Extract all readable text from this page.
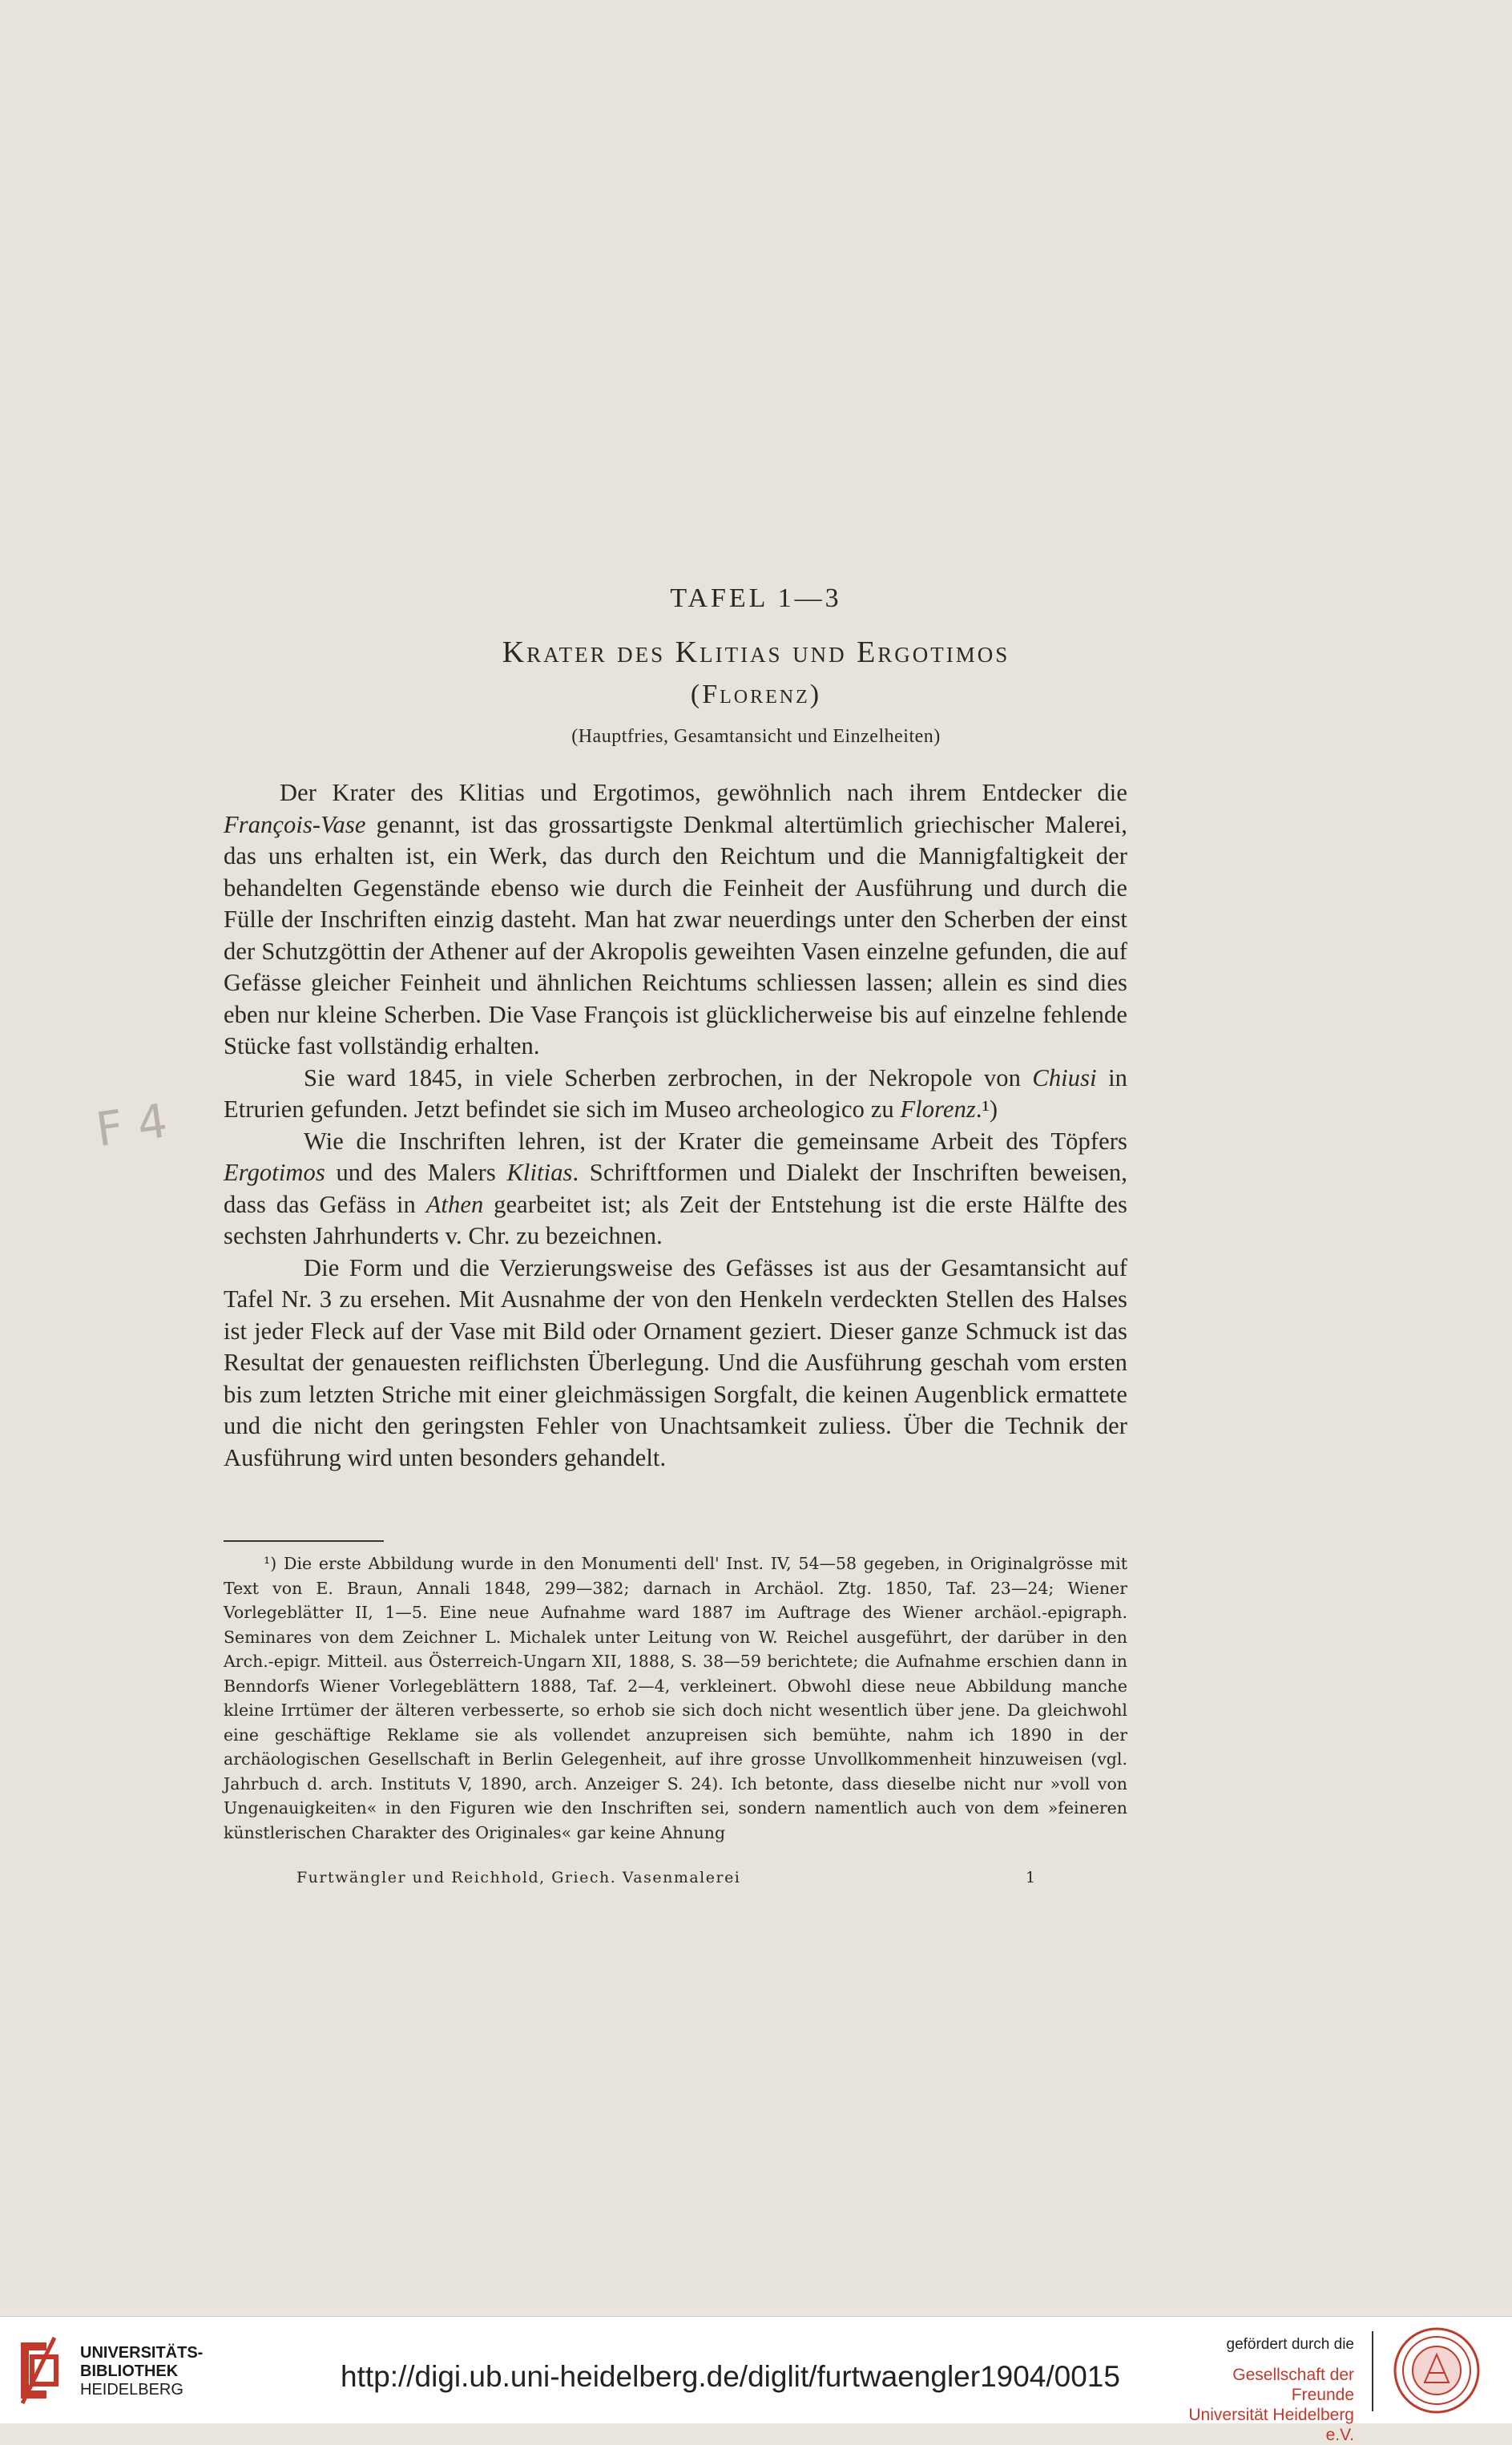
TAFEL 1—3
Krater des Klitias und Ergotimos
(Florenz)
(Hauptfries, Gesamtansicht und Einzelheiten)

Der Krater des Klitias und Ergotimos, gewöhnlich nach ihrem Entdecker die François-Vase genannt, ist das grossartigste Denkmal altertümlich griechischer Malerei, das uns erhalten ist, ein Werk, das durch den Reichtum und die Mannigfaltigkeit der behandelten Gegenstände ebenso wie durch die Feinheit der Ausführung und durch die Fülle der Inschriften einzig dasteht. Man hat zwar neuerdings unter den Scherben der einst der Schutzgöttin der Athener auf der Akropolis geweihten Vasen einzelne gefunden, die auf Gefässe gleicher Feinheit und ähnlichen Reichtums schliessen lassen; allein es sind dies eben nur kleine Scherben. Die Vase François ist glücklicherweise bis auf einzelne fehlende Stücke fast vollständig erhalten.

Sie ward 1845, in viele Scherben zerbrochen, in der Nekropole von Chiusi in Etrurien gefunden. Jetzt befindet sie sich im Museo archeologico zu Florenz.¹)

Wie die Inschriften lehren, ist der Krater die gemeinsame Arbeit des Töpfers Ergotimos und des Malers Klitias. Schriftformen und Dialekt der Inschriften beweisen, dass das Gefäss in Athen gearbeitet ist; als Zeit der Entstehung ist die erste Hälfte des sechsten Jahrhunderts v. Chr. zu bezeichnen.

Die Form und die Verzierungsweise des Gefässes ist aus der Gesamtansicht auf Tafel Nr. 3 zu ersehen. Mit Ausnahme der von den Henkeln verdeckten Stellen des Halses ist jeder Fleck auf der Vase mit Bild oder Ornament geziert. Dieser ganze Schmuck ist das Resultat der genauesten reiflichsten Überlegung. Und die Ausführung geschah vom ersten bis zum letzten Striche mit einer gleichmässigen Sorgfalt, die keinen Augenblick ermattete und die nicht den geringsten Fehler von Unachtsamkeit zuliess. Über die Technik der Ausführung wird unten besonders gehandelt.

¹) Die erste Abbildung wurde in den Monumenti dell' Inst. IV, 54—58 gegeben, in Originalgrösse mit Text von E. Braun, Annali 1848, 299—382; darnach in Archäol. Ztg. 1850, Taf. 23—24; Wiener Vorlegeblätter II, 1—5. Eine neue Aufnahme ward 1887 im Auftrage des Wiener archäol.-epigraph. Seminares von dem Zeichner L. Michalek unter Leitung von W. Reichel ausgeführt, der darüber in den Arch.-epigr. Mitteil. aus Österreich-Ungarn XII, 1888, S. 38—59 berichtete; die Aufnahme erschien dann in Benndorfs Wiener Vorlegeblättern 1888, Taf. 2—4, verkleinert. Obwohl diese neue Abbildung manche kleine Irrtümer der älteren verbesserte, so erhob sie sich doch nicht wesentlich über jene. Da gleichwohl eine geschäftige Reklame sie als vollendet anzupreisen sich bemühte, nahm ich 1890 in der archäologischen Gesellschaft in Berlin Gelegenheit, auf ihre grosse Unvollkommenheit hinzuweisen (vgl. Jahrbuch d. arch. Instituts V, 1890, arch. Anzeiger S. 24). Ich betonte, dass dieselbe nicht nur »voll von Ungenauigkeiten« in den Figuren wie den Inschriften sei, sondern namentlich auch von dem »feineren künstlerischen Charakter des Originales« gar keine Ahnung

Furtwängler und Reichhold, Griech. Vasenmalerei	1
F 4
UNIVERSITÄTS-
BIBLIOTHEK
HEIDELBERG	http://digi.ub.uni-heidelberg.de/diglit/furtwaengler1904/0015
gefördert durch die
Gesellschaft der Freunde
Universität Heidelberg e.V.
